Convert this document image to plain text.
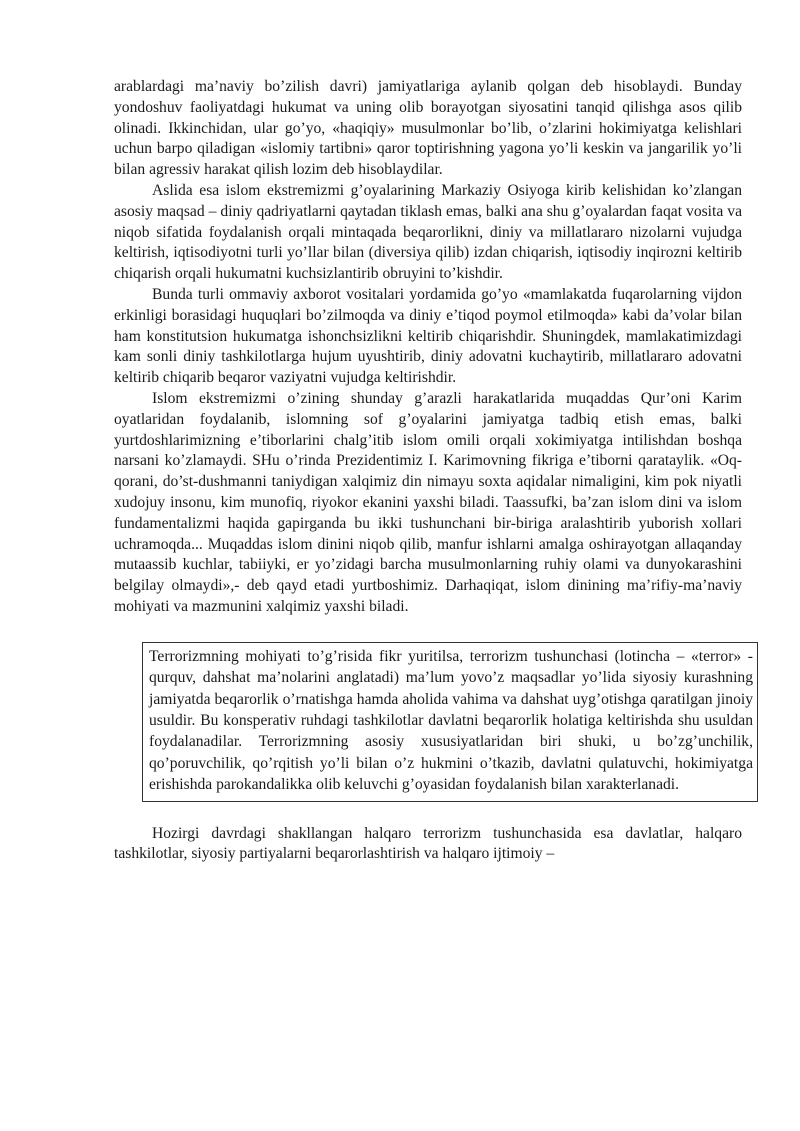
arablardagi ma’naviy bo’zilish davri) jamiyatlariga aylanib qolgan deb hisoblaydi. Bunday yondoshuv faoliyatdagi hukumat va uning olib borayotgan siyosatini tanqid qilishga asos qilib olinadi. Ikkinchidan, ular go’yo, «haqiqiy» musulmonlar bo’lib, o’zlarini hokimiyatga kelishlari uchun barpo qiladigan «islomiy tartibni» qaror toptirishning yagona yo’li keskin va jangarilik yo’li bilan agressiv harakat qilish lozim deb hisoblaydilar.

Aslida esa islom ekstremizmi g’oyalarining Markaziy Osiyoga kirib kelishidan ko’zlangan asosiy maqsad – diniy qadriyatlarni qaytadan tiklash emas, balki ana shu g’oyalardan faqat vosita va niqob sifatida foydalanish orqali mintaqada beqarorlikni, diniy va millatlararo nizolarni vujudga keltirish, iqtisodiyotni turli yo’llar bilan (diversiya qilib) izdan chiqarish, iqtisodiy inqirozni keltirib chiqarish orqali hukumatni kuchsizlantirib obruyini to’kishdir.

Bunda turli ommaviy axborot vositalari yordamida go’yo «mamlakatda fuqarolarning vijdon erkinligi borasidagi huquqlari bo’zilmoqda va diniy e’tiqod poymol etilmoqda» kabi da’volar bilan ham konstitutsion hukumatga ishonchsizlikni keltirib chiqarishdir. Shuningdek, mamlakatimizdagi kam sonli diniy tashkilotlarga hujum uyushtirib, diniy adovatni kuchaytirib, millatlararo adovatni keltirib chiqarib beqaror vaziyatni vujudga keltirishdir.

Islom ekstremizmi o’zining shunday g’arazli harakatlarida muqaddas Qur’oni Karim oyatlaridan foydalanib, islomning sof g’oyalarini jamiyatga tadbiq etish emas, balki yurtdoshlarimizning e’tiborlarini chalg’itib islom omili orqali xokimiyatga intilishdan boshqa narsani ko’zlamaydi. SHu o’rinda Prezidentimiz I. Karimovning fikriga e’tiborni qarataylik. «Oq-qorani, do’st-dushmanni taniydigan xalqimiz din nimayu soxta aqidalar nimaligini, kim pok niyatli xudojuy insonu, kim munofiq, riyokor ekanini yaxshi biladi. Taassufki, ba’zan islom dini va islom fundamentalizmi haqida gapirganda bu ikki tushunchani bir-biriga aralashtirib yuborish xollari uchramoqda... Muqaddas islom dinini niqob qilib, manfur ishlarni amalga oshirayotgan allaqanday mutaassib kuchlar, tabiiyki, er yo’zidagi barcha musulmonlarning ruhiy olami va dunyokarashini belgilay olmaydi»,- deb qayd etadi yurtboshimiz. Darhaqiqat, islom dinining ma’rifiy-ma’naviy mohiyati va mazmunini xalqimiz yaxshi biladi.

Terrorizmning mohiyati to’g’risida fikr yuritilsa, terrorizm tushunchasi (lotincha – «terror» - qurquv, dahshat ma’nolarini anglatadi) ma’lum yovo’z maqsadlar yo’lida siyosiy kurashning jamiyatda beqarorlik o’rnatishga hamda aholida vahima va dahshat uyg’otishga qaratilgan jinoiy usuldir. Bu konsperativ ruhdagi tashkilotlar davlatni beqarorlik holatiga keltirishda shu usuldan foydalanadilar. Terrorizmning asosiy xususiyatlaridan biri shuki, u bo’zg’unchilik, qo’poruvchilik, qo’rqitish yo’li bilan o’z hukmini o’tkazib, davlatni qulatuvchi, hokimiyatga erishishda parokandalikka olib keluvchi g’oyasidan foydalanish bilan xarakterlanadi.

Hozirgi davrdagi shakllangan halqaro terrorizm tushunchasida esa davlatlar, halqaro tashkilotlar, siyosiy partiyalarni beqarorlashtirish va halqaro ijtimoiy –
